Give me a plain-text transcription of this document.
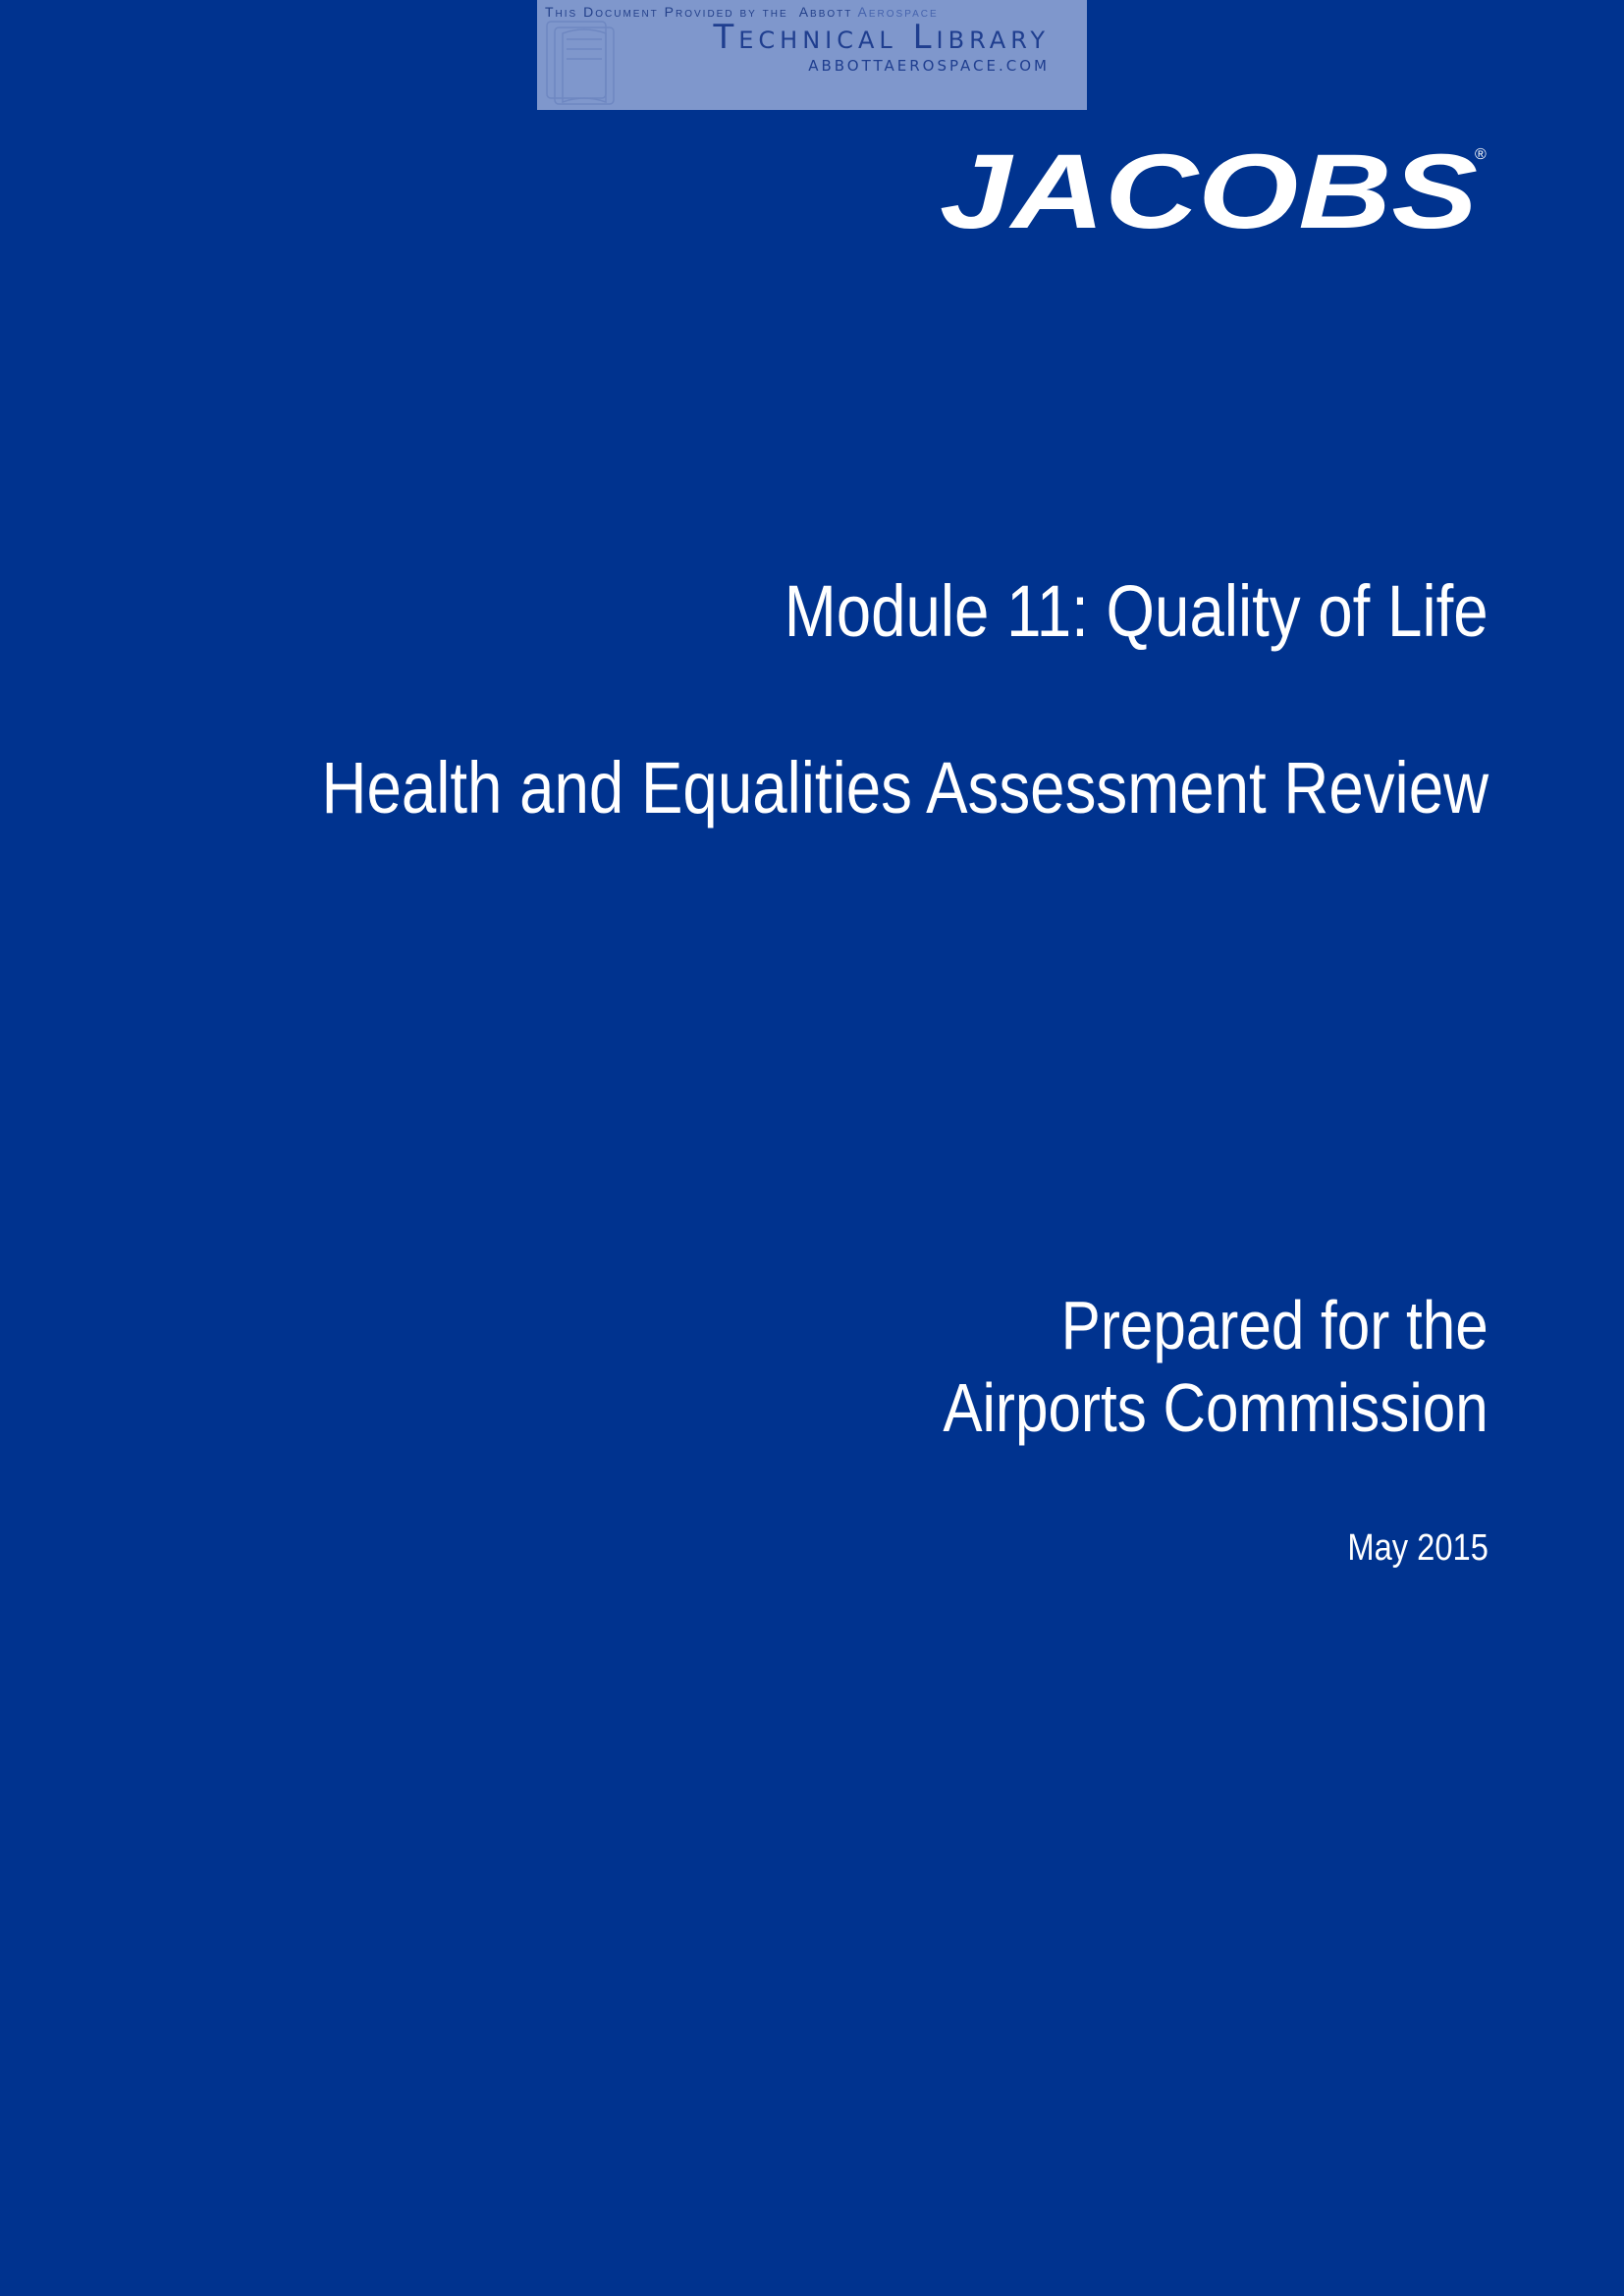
This Document Provided by the Abbott Aerospace
Technical Library
ABBOTTAEROSPACE.COM
JACOBS
®
Module 11: Quality of Life
Health and Equalities Assessment Review
Prepared for the
Airports Commission
May 2015
